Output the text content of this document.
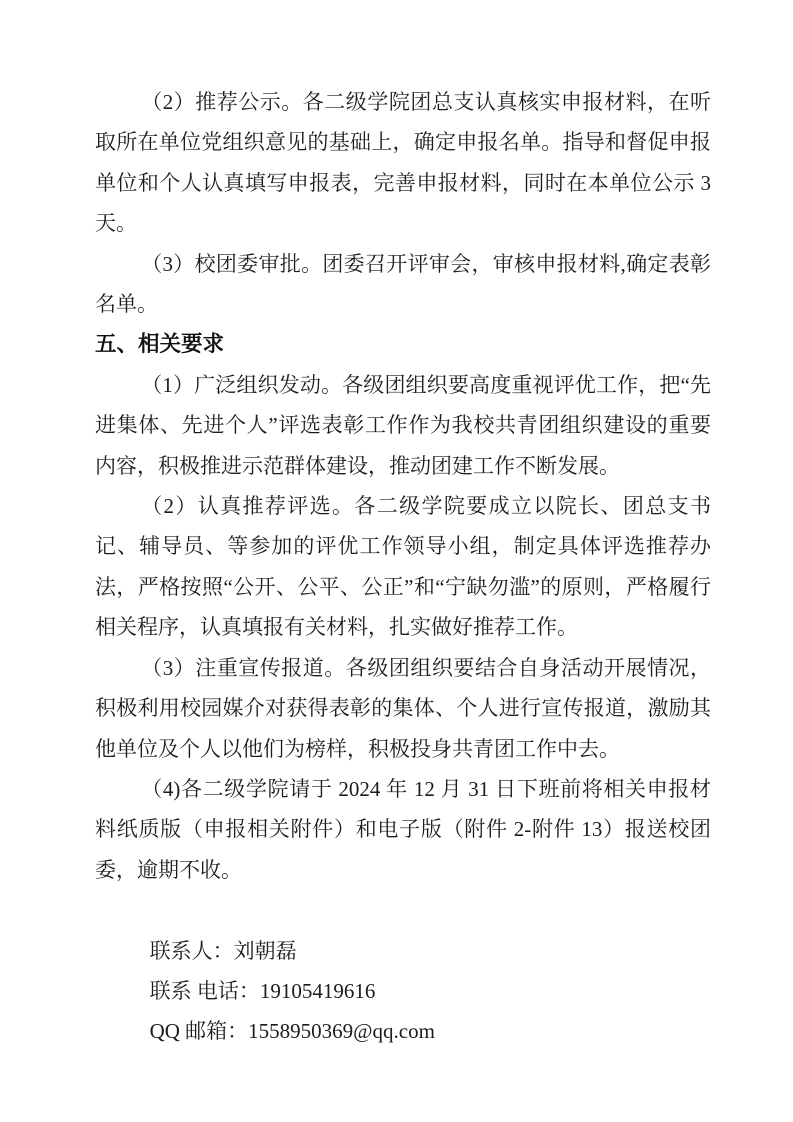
（2）推荐公示。各二级学院团总支认真核实申报材料，在听取所在单位党组织意见的基础上，确定申报名单。指导和督促申报单位和个人认真填写申报表，完善申报材料，同时在本单位公示 3 天。

（3）校团委审批。团委召开评审会，审核申报材料,确定表彰名单。

五、相关要求

（1）广泛组织发动。各级团组织要高度重视评优工作，把“先进集体、先进个人”评选表彰工作作为我校共青团组织建设的重要内容，积极推进示范群体建设，推动团建工作不断发展。

（2）认真推荐评选。各二级学院要成立以院长、团总支书记、辅导员、等参加的评优工作领导小组，制定具体评选推荐办法，严格按照“公开、公平、公正”和“宁缺勿滥”的原则，严格履行相关程序，认真填报有关材料，扎实做好推荐工作。

（3）注重宣传报道。各级团组织要结合自身活动开展情况，积极利用校园媒介对获得表彰的集体、个人进行宣传报道，激励其他单位及个人以他们为榜样，积极投身共青团工作中去。

（4)各二级学院请于 2024 年 12 月 31 日下班前将相关申报材料纸质版（申报相关附件）和电子版（附件 2-附件 13）报送校团委，逾期不收。

联系人：刘朝磊

联系 电话：19105419616

QQ 邮箱：1558950369@qq.com
